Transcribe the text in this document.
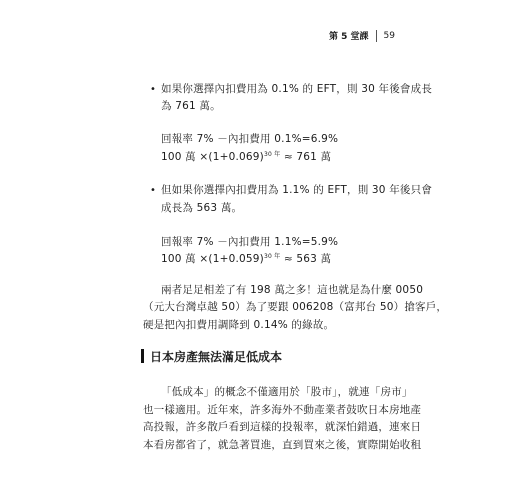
第 5 堂課 59
• 如果你選擇內扣費用為 0.1% 的 EFT，則 30 年後會成長
為 761 萬。
回報率 7% －內扣費用 0.1%=6.9%
100 萬 $\times(1+0.069)^{30 年} \approx 761$ 萬
• 但如果你選擇內扣費用為 1.1% 的 EFT，則 30 年後只會
成長為 563 萬。
回報率 7% －內扣費用 1.1%=5.9%
100 萬 $\times(1+0.059)^{30 年} \approx 563$ 萬
兩者足足相差了有 198 萬之多！這也就是為什麼 0050
（元大台灣卓越 50）為了要跟 006208（富邦台 50）搶客戶，
硬是把內扣費用調降到 0.14% 的綠故。
日本房產無法滿足低成本
「低成本」的概念不僅適用於「股市」，就連「房市」
也一樣適用。近年來，許多海外不動產業者鼓吹日本房地產
高投報，許多散戶看到這樣的投報率，就深怕錯過，連來日
本看房都省了，就急著買進，直到買來之後，實際開始收租
